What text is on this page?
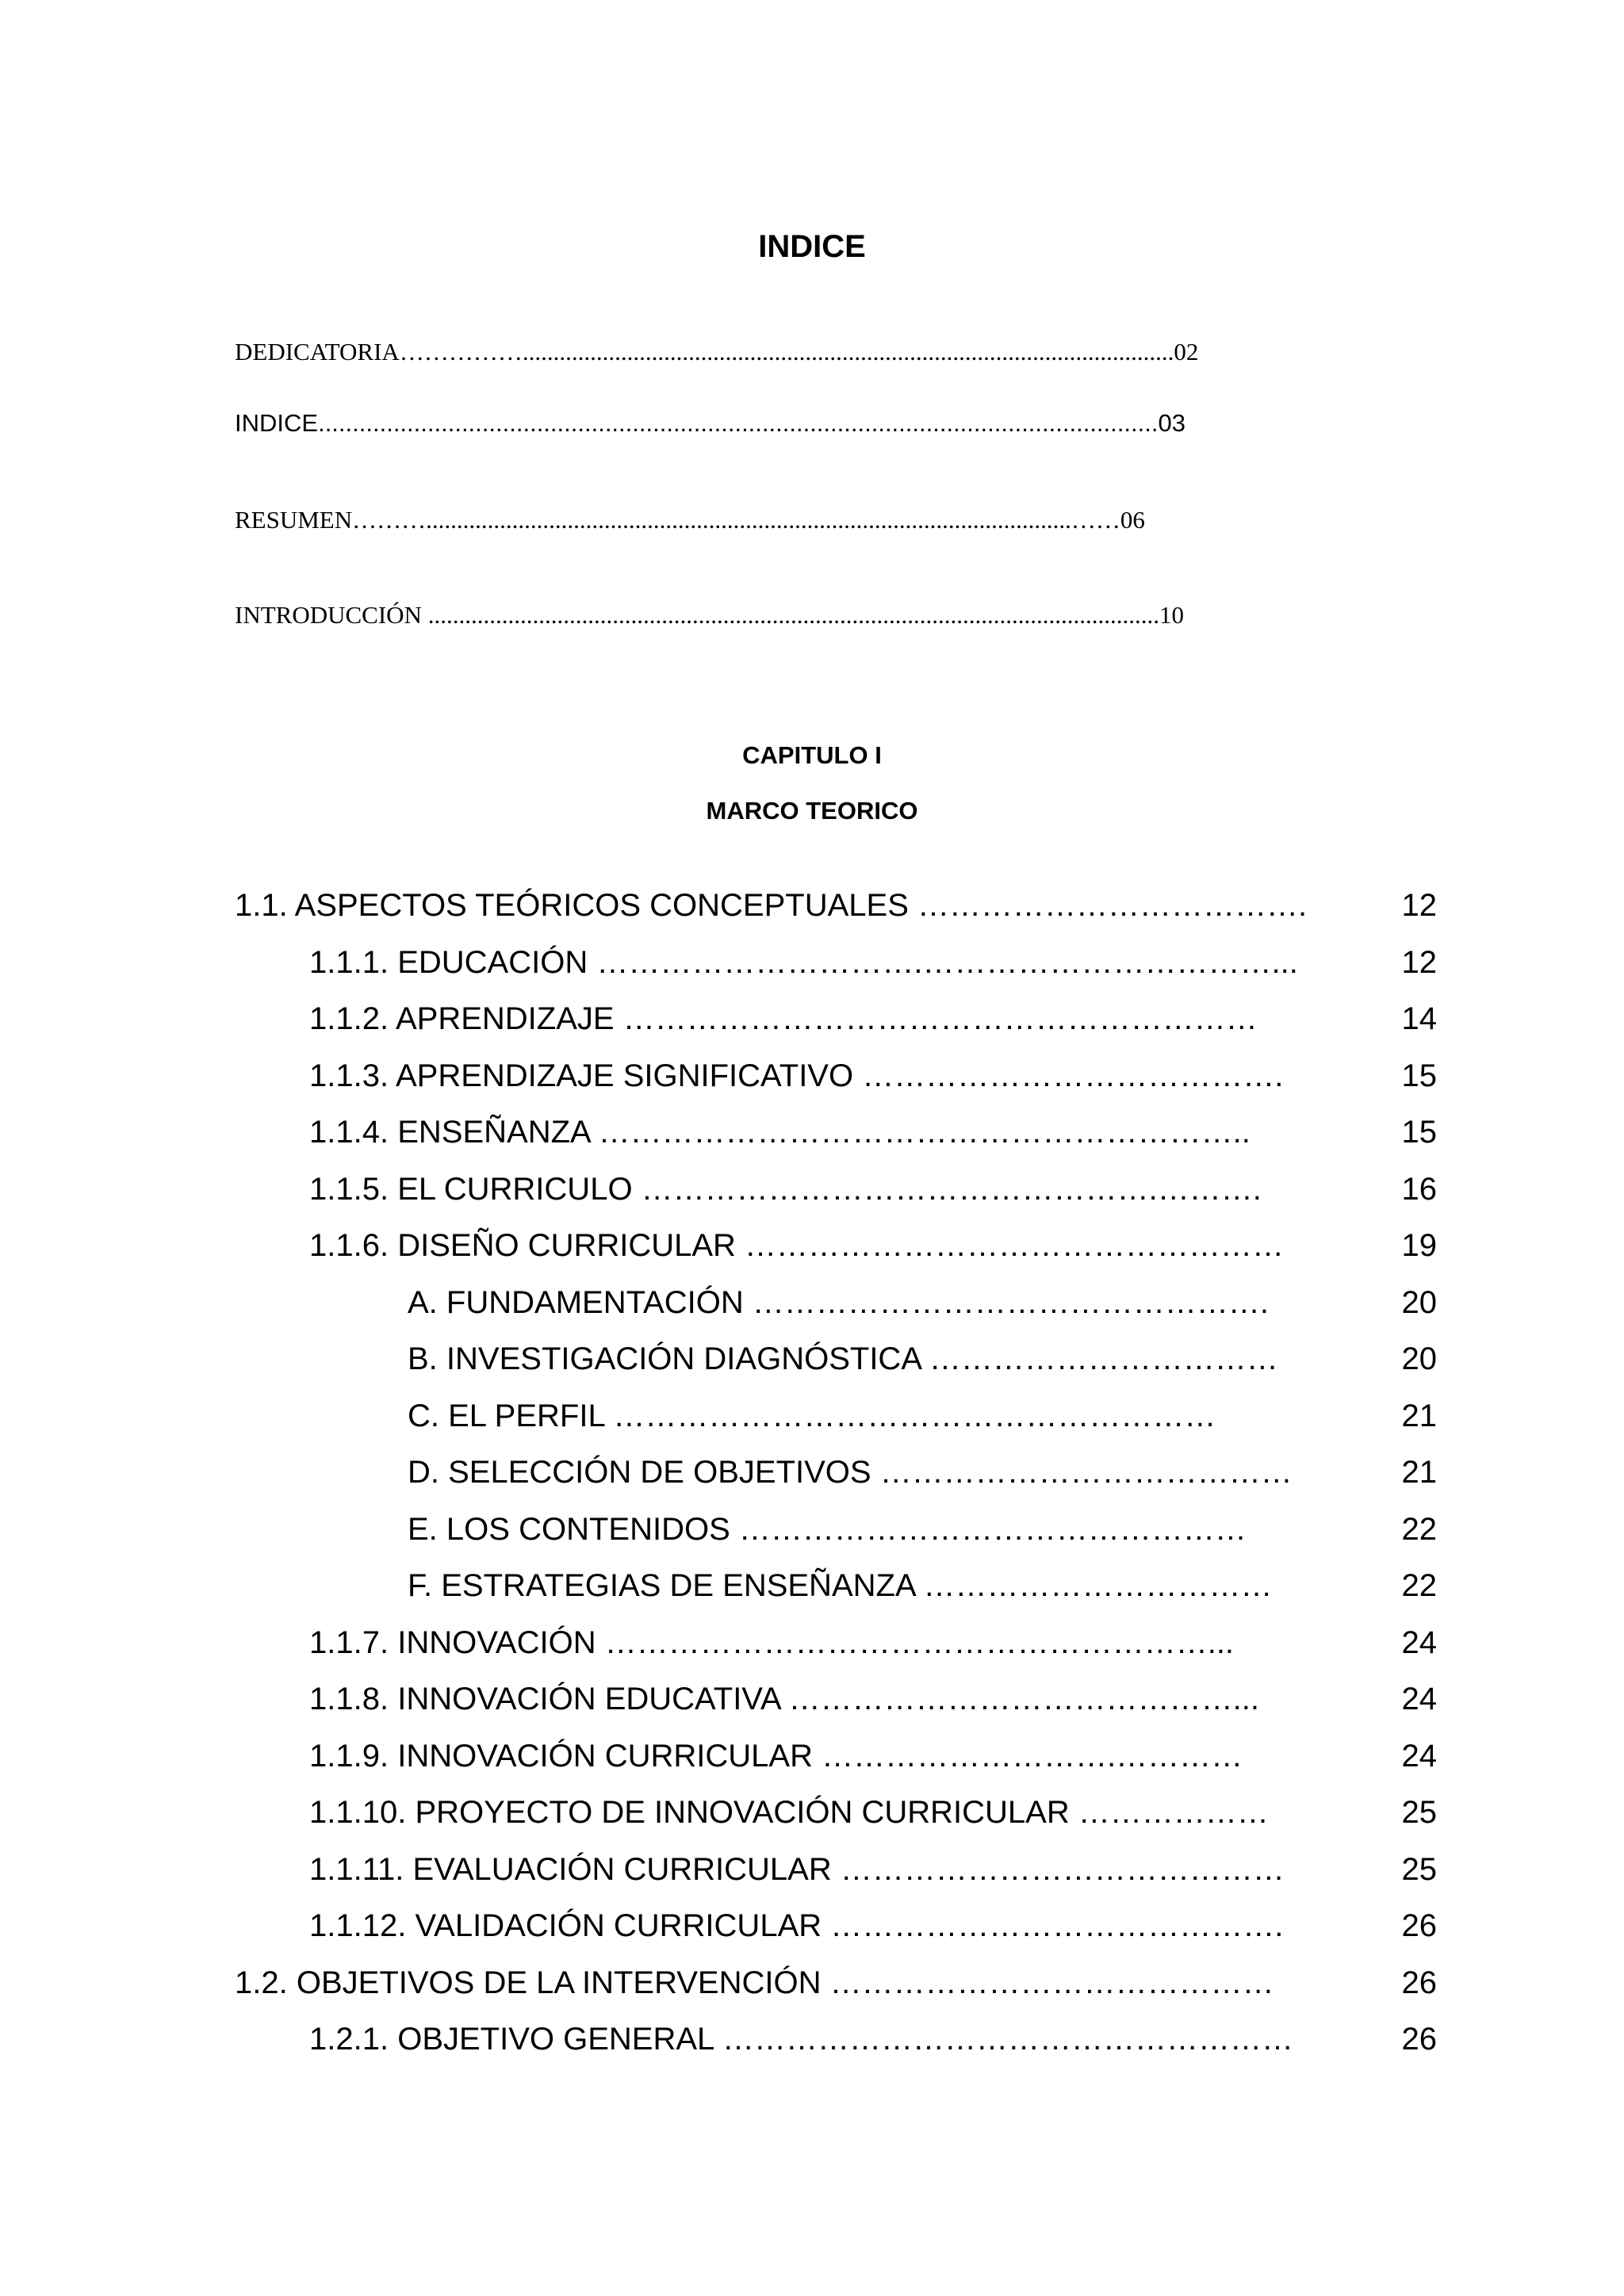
INDICE
DEDICATORIA……………..........................................................................................................02
INDICE...........................................................................................................................03
RESUMEN……….........................................................................................................……06
INTRODUCCIÓN .......................................................................................................................10
CAPITULO I
MARCO TEORICO
1.1. ASPECTOS TEÓRICOS CONCEPTUALES ……………………………….	12
1.1.1. EDUCACIÓN ………………………….……………………………...	12
1.1.2. APRENDIZAJE ……………………………………………………	14
1.1.3. APRENDIZAJE SIGNIFICATIVO ………………………………….	15
1.1.4. ENSEÑANZA ……………………………………………………..	15
1.1.5. EL CURRICULO ………………………………………….……….	16
1.1.6. DISEÑO CURRICULAR ……………………………………………	19
A. FUNDAMENTACIÓN ………………………………………….	20
B. INVESTIGACIÓN DIAGNÓSTICA ……………………………	20
C. EL PERFIL …………………………………………………	21
D. SELECCIÓN DE OBJETIVOS …………………………………	21
E. LOS CONTENIDOS …………………………………………	22
F. ESTRATEGIAS DE ENSEÑANZA ……………………………	22
1.1.7. INNOVACIÓN …………………………………………………...	24
1.1.8. INNOVACIÓN EDUCATIVA ……………………………………...	24
1.1.9. INNOVACIÓN CURRICULAR ……………………….…………	24
1.1.10. PROYECTO DE INNOVACIÓN CURRICULAR ………………	25
1.1.11. EVALUACIÓN CURRICULAR ……………………………………	25
1.1.12. VALIDACIÓN CURRICULAR …………………………………….	26
1.2. OBJETIVOS DE LA INTERVENCIÓN ……………………………………	26
1.2.1. OBJETIVO GENERAL ………………………………………………	26
